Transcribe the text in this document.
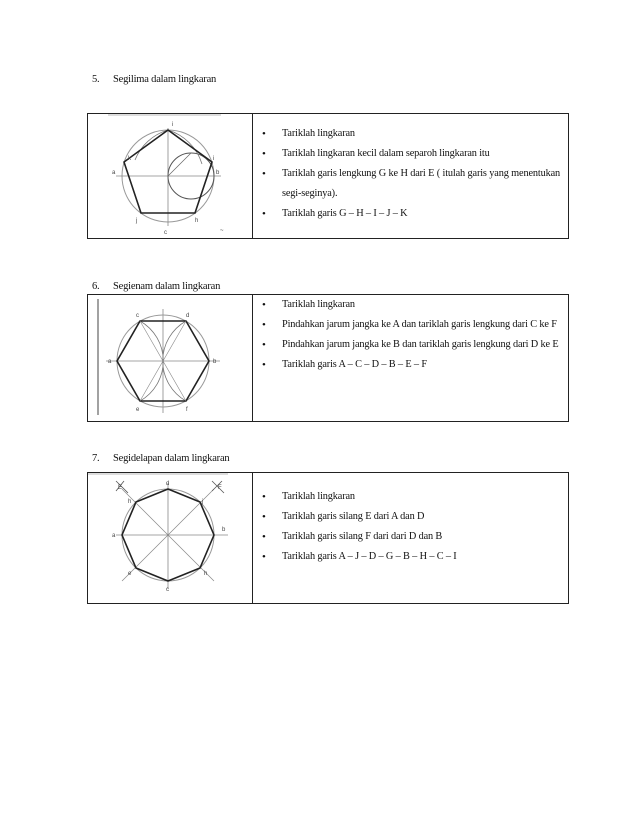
5. Segilima dalam lingkaran
i
k	i
a	b
j	h
c	~
• Tariklah lingkaran
• Tariklah lingkaran kecil dalam separoh lingkaran itu
• Tariklah garis lengkung G ke H dari E ( itulah garis yang menentukan segi-seginya).
• Tariklah garis G – H – I – J – K
6. Segienam dalam lingkaran
c	d
a	b
e	f
• Tariklah lingkaran
• Pindahkan jarum jangka ke A dan tariklah garis lengkung dari C ke F
• Pindahkan jarum jangka ke B dan tariklah garis lengkung dari D ke E
• Tariklah garis A – C – D – B – E – F
7. Segidelapan dalam lingkaran
E	F
d
h	j
a
b
e	h
c
• Tariklah lingkaran
• Tariklah garis silang E dari A dan D
• Tariklah garis silang F dari dari D dan B
• Tariklah garis A – J – D – G – B – H – C – I
